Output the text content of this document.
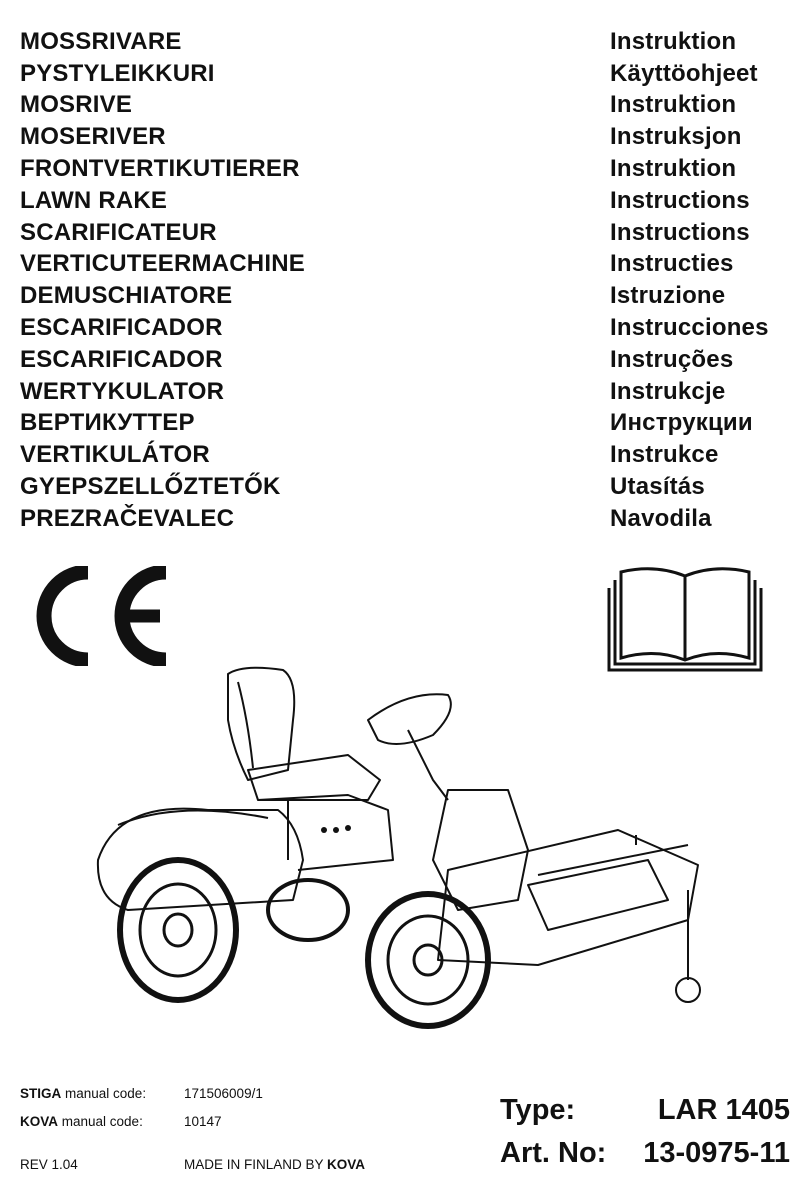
MOSSRIVARE	Instruktion
PYSTYLEIKKURI	Käyttöohjeet
MOSRIVE	Instruktion
MOSERIVER	Instruksjon
FRONTVERTIKUTIERER	Instruktion
LAWN RAKE	Instructions
SCARIFICATEUR	Instructions
VERTICUTEERMACHINE	Instructies
DEMUSCHIATORE	Istruzione
ESCARIFICADOR	Instrucciones
ESCARIFICADOR	Instruções
WERTYKULATOR	Instrukcje
ВЕРТИКУТТЕР	Инструкции
VERTIKULÁTOR	Instrukce
GYEPSZELLŐZTETŐK	Utasítás
PREZRAČEVALEC	Navodila
STIGA manual code:	171506009/1
KOVA manual code:	10147
REV 1.04	MADE IN FINLAND BY KOVA
Type:	LAR 1405
Art. No: 13-0975-11
